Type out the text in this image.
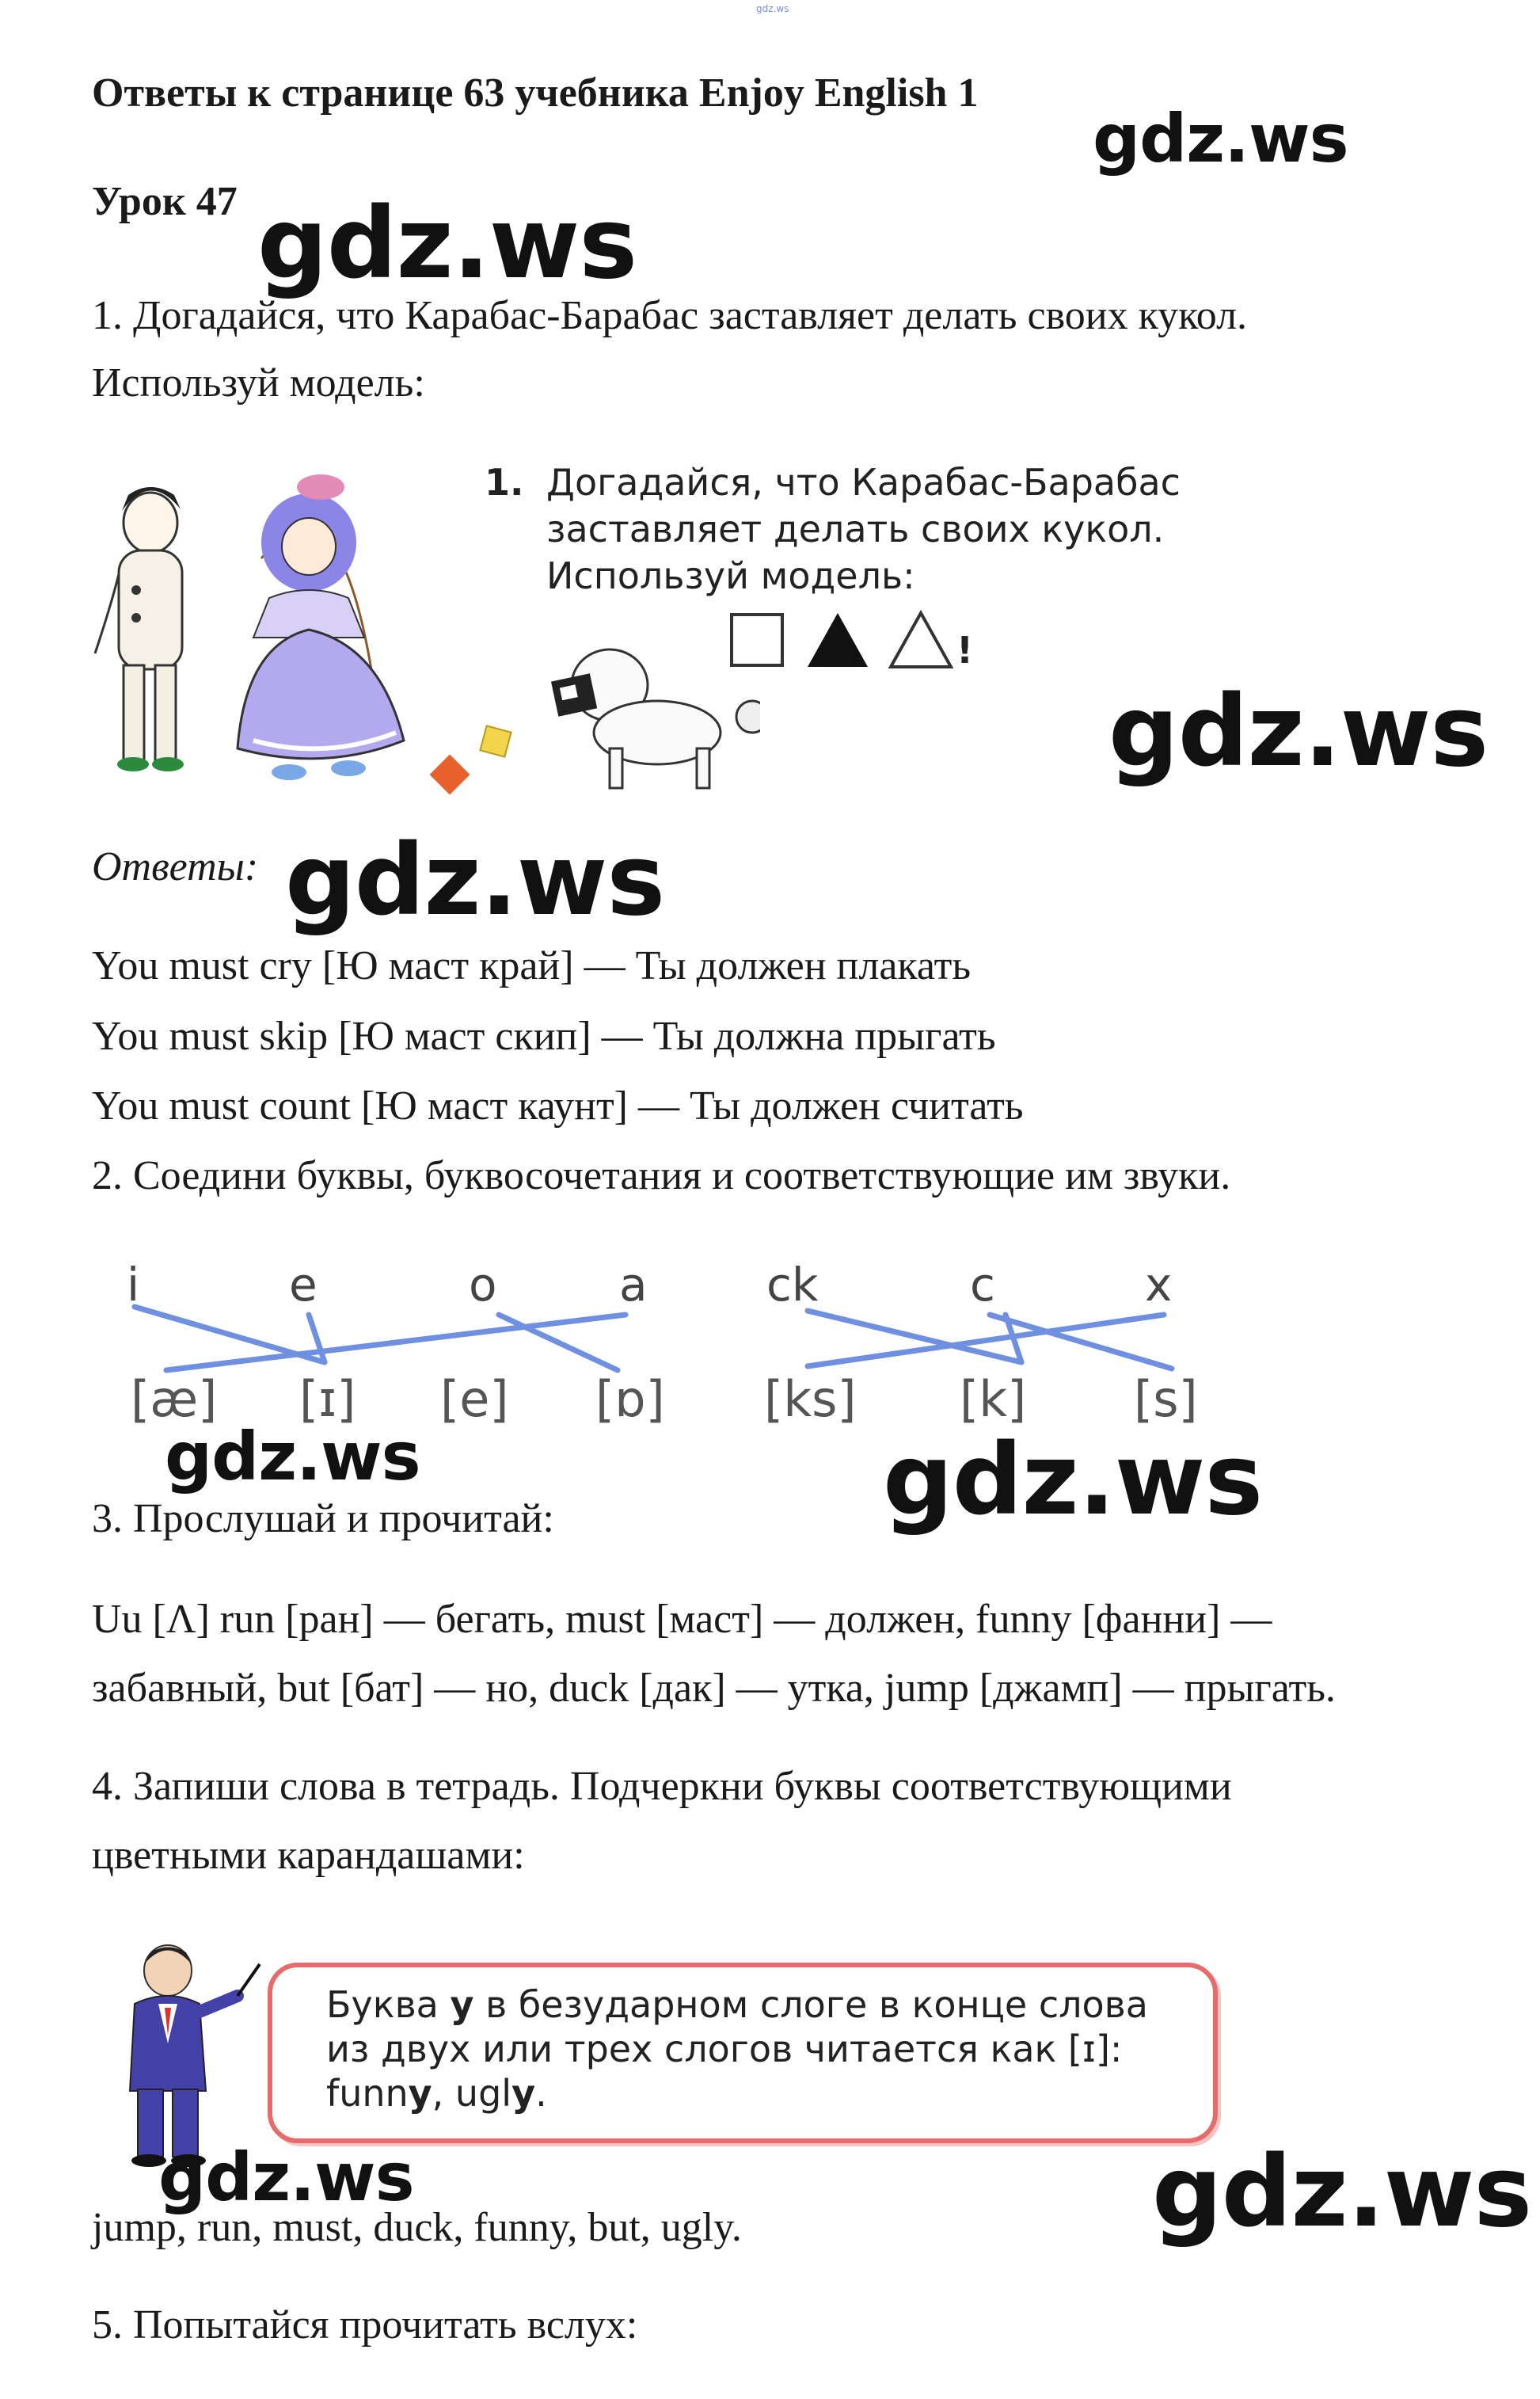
gdz.ws
Ответы к странице 63 учебника Enjoy English 1
gdz.ws
Урок 47 gdz.ws
1. Догадайся, что Карабас-Барабас заставляет делать своих кукол.
Используй модель:
1. Догадайся, что Карабас-Барабас
заставляет делать своих кукол.
Используй модель:
!
gdz.ws
Ответы: gdz.ws
You must cry [Ю маст край] — Ты должен плакать
You must skip [Ю маст скип] — Ты должна прыгать
You must count [Ю маст каунт] — Ты должен считать
2. Соедини буквы, буквосочетания и соответствующие им звуки.
i	e	o	a
[æ] [ɪ] [e] [ɒ]
ck	c	x
[ks] [k] [s]
gdz.ws	gdz.ws
3. Прослушай и прочитай:
Uu [Λ] run [ран] — бегать, must [маст] — должен, funny [фанни] —
забавный, but [бат] — но, duck [дак] — утка, jump [джамп] — прыгать.
4. Запиши слова в тетрадь. Подчеркни буквы соответствующими
цветными карандашами:
Буква y в безударном слоге в конце слова
из двух или трех слогов читается как [ɪ]:
funny, ugly.
gdz.ws	gdz.ws
jump, run, must, duck, funny, but, ugly.
5. Попытайся прочитать вслух:
